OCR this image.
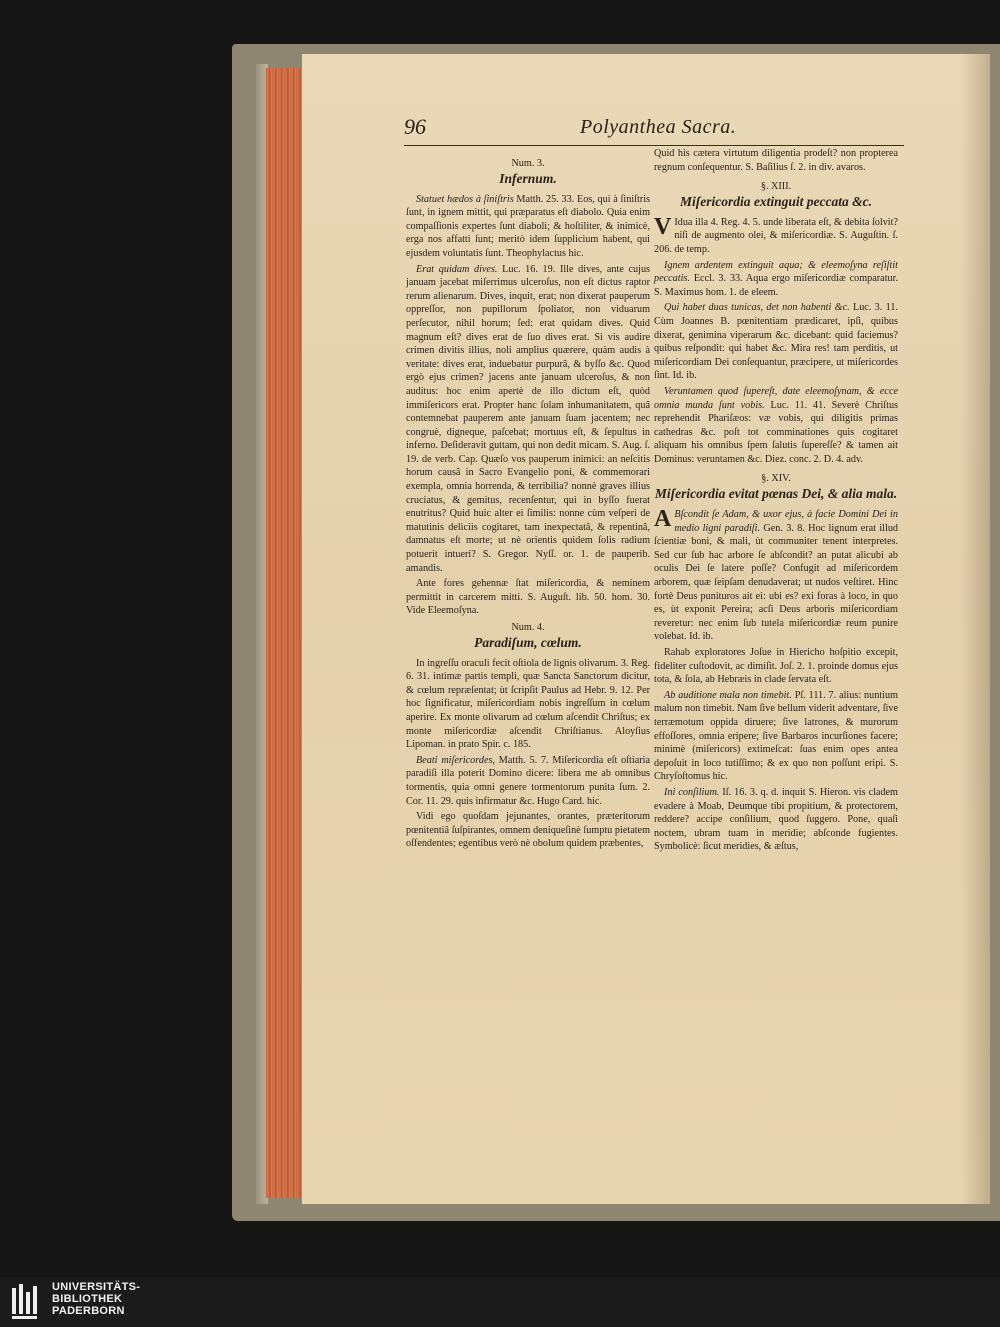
96	Polyanthea Sacra.
Num. 3.
Infernum.

Statuet hædos à ſiniſtris Matth. 25. 33. Eos, qui à ſiniſtris ſunt, in ignem mittit, qui præparatus eſt diabolo. Quia enim compaſſionis expertes ſunt diaboli; & hoſtiliter, & inimicè, erga nos affatti ſunt; meritò idem ſupplicium habent, qui ejusdem voluntatis ſunt. Theophylactus hic.

Erat quidam dives. Luc. 16. 19. Ille dives, ante cujus januam jacebat miſerrimus ulceroſus, non eſt dictus raptor rerum alienarum. Dives, inquit, erat; non dixerat pauperum oppreſſor, non pupillorum ſpoliator, non viduarum perſecutor, nihil horum; ſed: erat quidam dives. Quid magnum eſt? dives erat de ſuo dives erat. Si vis audire crimen divitis illius, noli amplius quærere, quàm audis à veritate: dives erat, induebatur purpurâ, & byſſo &c. Quod ergò ejus crimen? jacens ante januam ulceroſus, & non auditus: hoc enim apertè de illo dictum eſt, quòd immiſericors erat. Propter hanc ſolam inhumanitatem, quâ contemnebat pauperem ante januam ſuam jacentem; nec congruè, digneque, paſcebat; mortuus eſt, & ſepultus in inferno. Deſideravit guttam, qui non dedit micam. S. Aug. ſ. 19. de verb. Cap. Quæſo vos pauperum inimici: an neſcitis horum causâ in Sacro Evangelio poni, & commemorari exempla, omnia horrenda, & terribilia? nonnè graves illius cruciatus, & gemitus, recenſentur, qui in byſſo fuerat enutritus? Quid huic alter ei ſimilis: nonne cùm veſperi de matutinis deliciis cogitaret, tam inexpectatâ, & repentinâ, damnatus eſt morte; ut nè orientis quidem ſolis radium potuerit intueri? S. Gregor. Nyſſ. or. 1. de pauperib. amandis.

Ante fores gehennæ ſtat miſericordia, & neminem permittit in carcerem mitti. S. Auguſt. lib. 50. hom. 30. Vide Eleemoſyna.

Num. 4.
Paradiſum, cœlum.

In ingreſſu oraculi fecit oſtiola de lignis olivarum. 3. Reg. 6. 31. intimæ partis templi, quæ Sancta Sanctorum dicitur, & cœlum repræſentat; ùt ſcripſit Paulus ad Hebr. 9. 12. Per hoc ſignificatur, miſericordiam nobis ingreſſum in cœlum aperire. Ex monte olivarum ad cœlum aſcendit Chriſtus; ex monte miſericordiæ aſcendit Chriſtianus. Aloyſius Lipoman. in prato Spir. c. 185.

Beati miſericordes, Matth. 5. 7. Miſericordia eſt oſtiaria paradiſi illa poterit Domino dicere: libera me ab omnibus tormentis, quia omni genere tormentorum punita ſum. 2. Cor. 11. 29. quis infirmatur &c. Hugo Card. hic.

Vidi ego quoſdam jejunantes, orantes, præteritorum pœnitentiâ ſuſpirantes, omnem deniqueſinè ſumptu pietatem oſfendentes; egentibus verò nè obolum quidem præbentes,

Quid his cætera virtutum diligentia prodeſt? non propterea regnum conſequentur. S. Baſilius ſ. 2. in div. avaros.

§. XIII.
Miſericordia extinguit peccata &c.

V Idua illa 4. Reg. 4. 5. unde liberata eſt, & debita ſolvit? niſi de augmento olei, & miſericordiæ. S. Auguſtin. ſ. 206. de temp.

Ignem ardentem extinguit aqua; & eleemoſyna reſiſtit peccatis. Eccl. 3. 33. Aqua ergo miſericordiæ comparatur. S. Maximus hom. 1. de eleem.

Qui habet duas tunicas, det non habenti &c. Luc. 3. 11. Cùm Joannes B. pœnitentiam prædicaret, ipſi, quibus dixerat, genimina viperarum &c. dicebant: quid faciemus? quibus reſpondit: qui habet &c. Mira res! tam perditis, ut miſericordiam Dei conſequantur, præcipere, ut miſericordes ſint. Id. ib.

Veruntamen quod ſupereſt, date eleemoſynam, & ecce omnia munda ſunt vobis. Luc. 11. 41. Severè Chriſtus reprehendit Phariſæos: væ vobis, qui diligitis primas cathedras &c. poſt tot comminationes quis cogitaret aliquam his omnibus ſpem ſalutis ſupereſſe? & tamen ait Dominus: veruntamen &c. Diez. conc. 2. D. 4. adv.

§. XIV.
Miſericordia evitat pœnas Dei, & alia mala.

A Bſcondit ſe Adam, & uxor ejus, à facie Domini Dei in medio ligni paradiſi. Gen. 3. 8. Hoc lignum erat illud ſcientiæ boni, & mali, ùt communiter tenent interpretes. Sed cur ſub hac arbore ſe abſcondit? an putat alicubi ab oculis Dei ſe latere poſſe? Confugit ad miſericordem arborem, quæ ſeipſam denudaverat; ut nudos veſtiret. Hinc fortè Deus punituros ait ei: ubi es? exi foras à loco, in quo es, ùt exponit Pereira; acſi Deus arboris miſericordiam reveretur: nec enim ſub tutela miſericordiæ reum punire volebat. Id. ib.

Rahab exploratores Joſue in Hiericho hoſpitio excepit, fideliter cuſtodovit, ac dimiſit. Joſ. 2. 1. proinde domus ejus tota, & ſola, ab Hebræis in clade ſervata eſt.

Ab auditione mala non timebit. Pſ. 111. 7. alius: nuntium malum non timebit. Nam ſive bellum viderit adventare, ſive terræmotum oppida diruere; ſive latrones, & murorum effoſſores, omnia eripere; ſive Barbaros incurſiones facere; minimè (miſericors) extimeſcat: ſuas enim opes antea depoſuit in loco tutiſſimo; & ex quo non poſſunt eripi. S. Chryſoſtomus hic.

Ini conſilium. Iſ. 16. 3. q. d. inquit S. Hieron. vis cladem evadere à Moab, Deumque tibi propitium, & protectorem, reddere? accipe conſilium, quod ſuggero. Pone, quaſi noctem, ubram tuam in meridie; abſconde fugientes. Symbolicè: ſicut meridies, & æſtus,

UNIVERSITÄTS-
BIBLIOTHEK
PADERBORN
